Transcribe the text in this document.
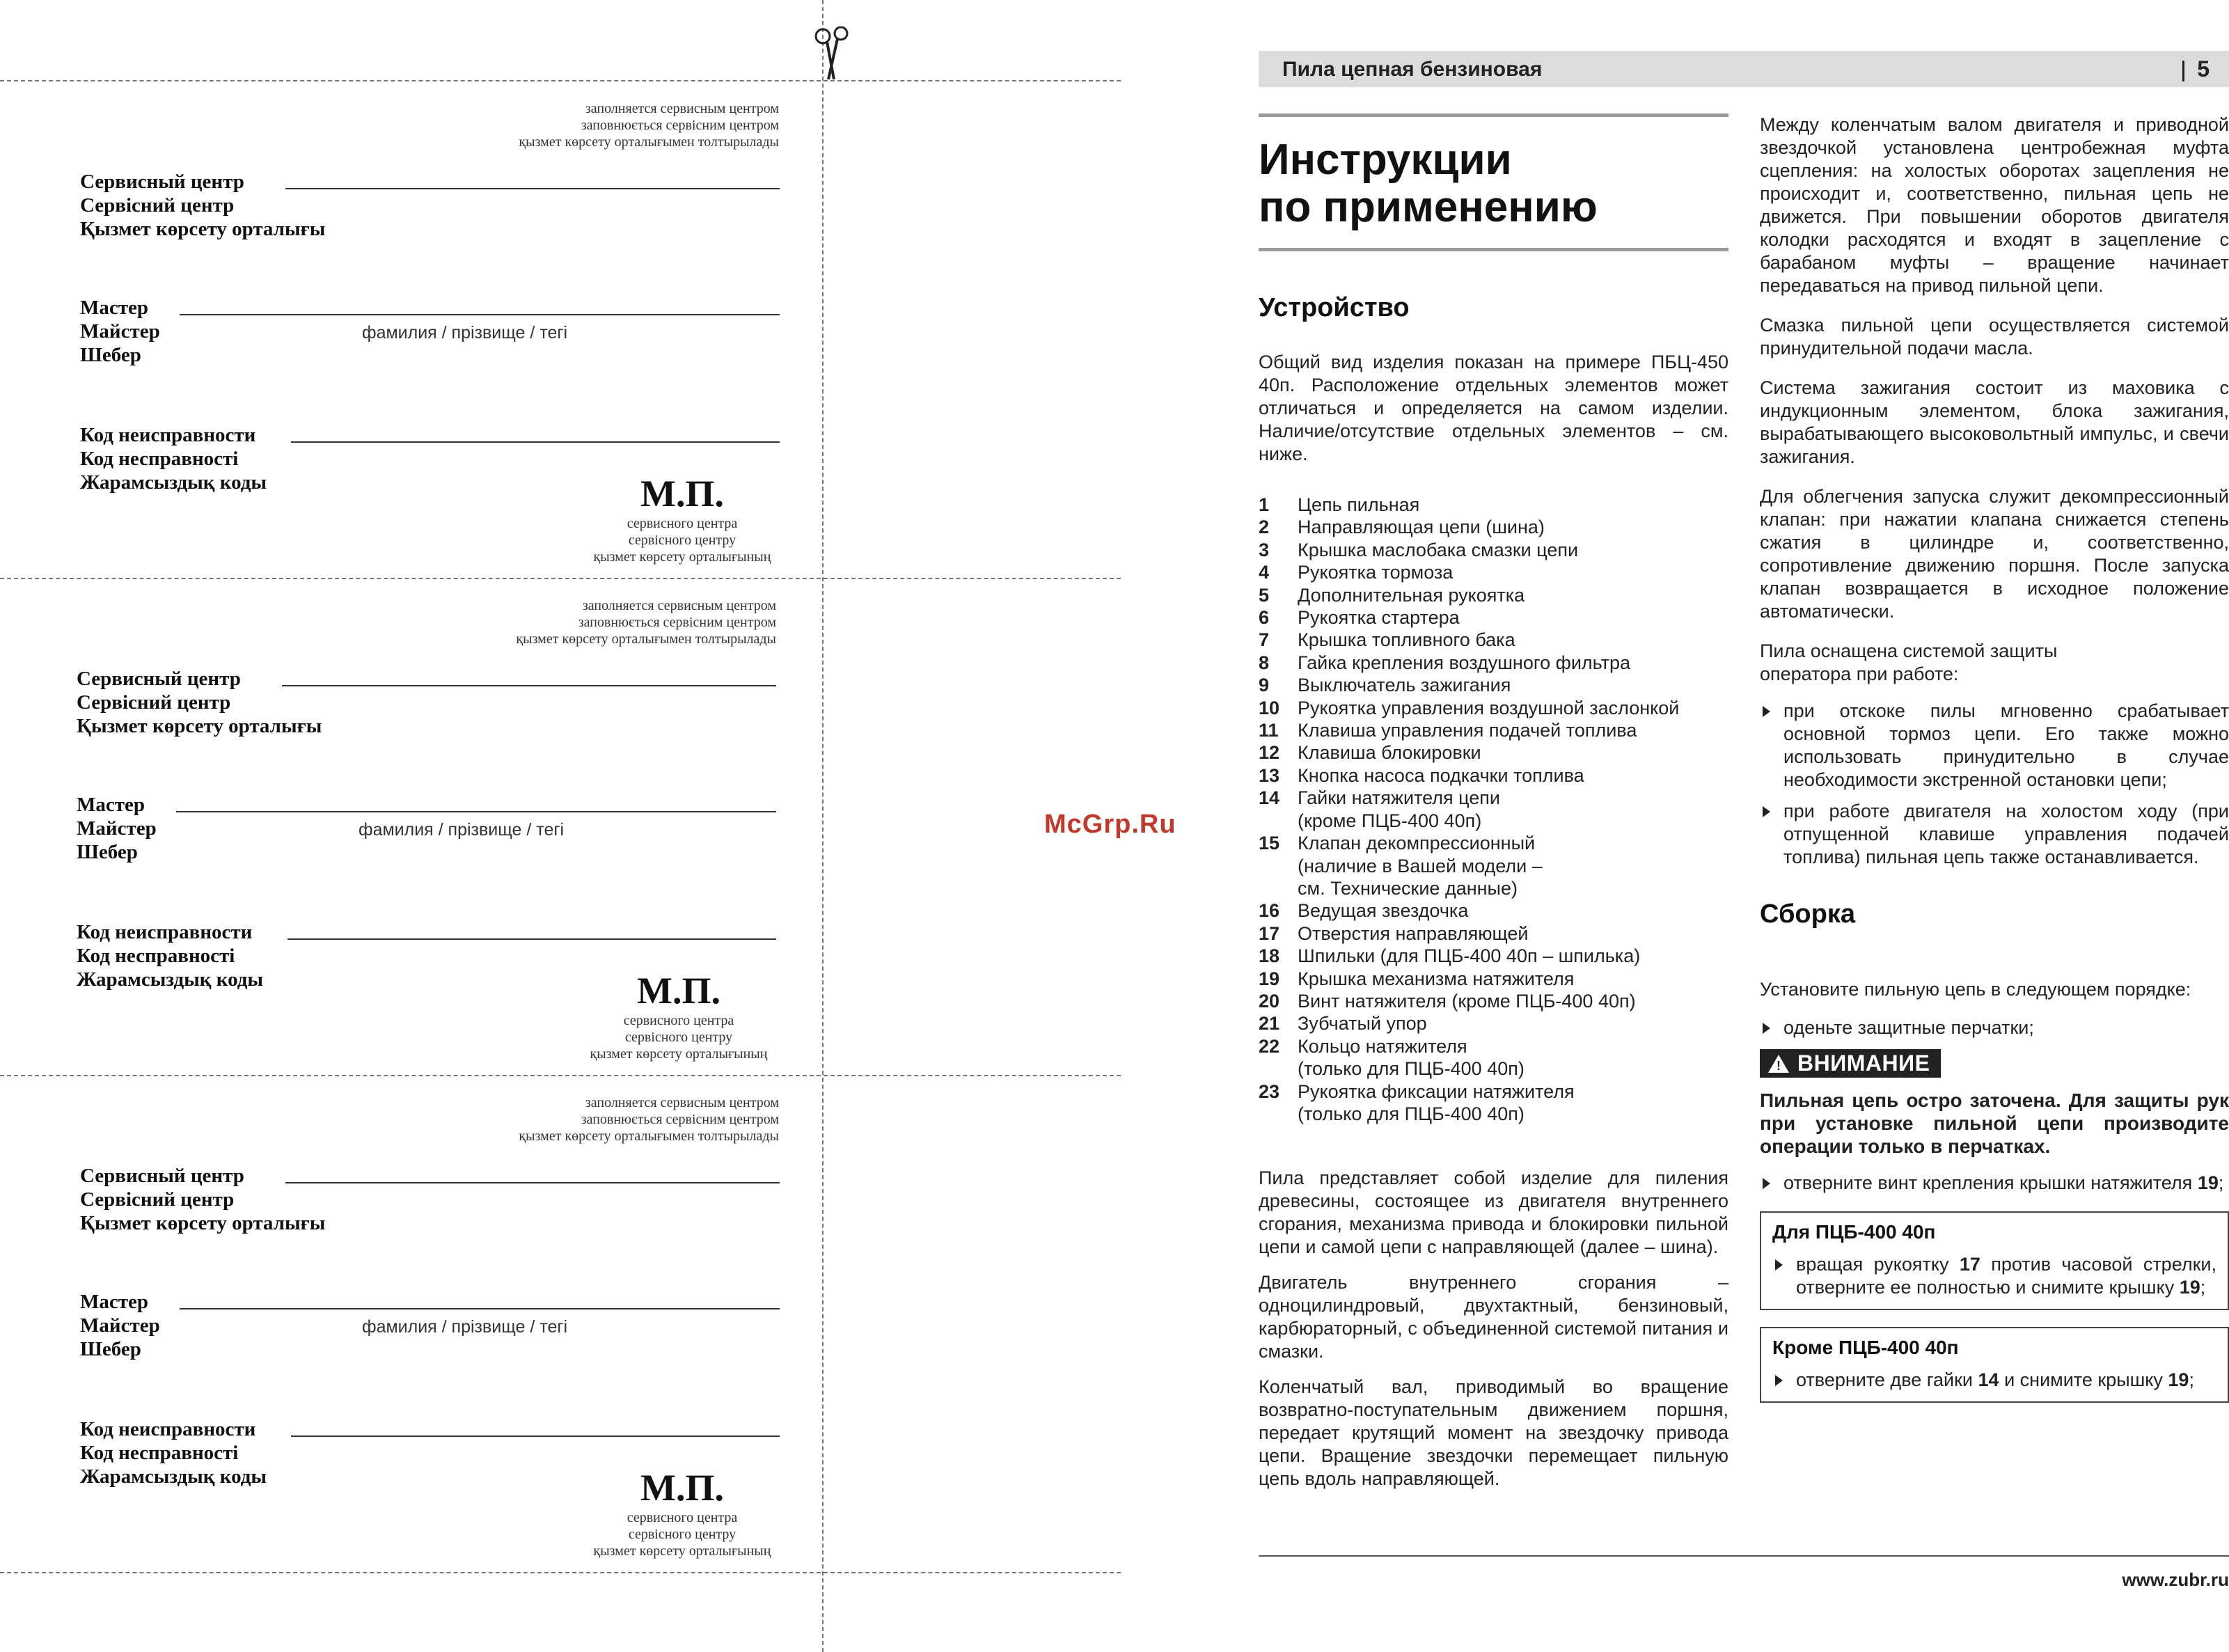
заполняется сервисным центром
заповнюється сервісним центром
қызмет көрсету орталығымен толтырылады
Сервисный центр
Сервісний центр
Қызмет көрсету орталығы
Мастер
Майстер
Шебер
фамилия / прізвище / тегі
Код неисправности
Код несправності
Жарамсыздық коды	М.П.
сервисного центра
сервісного центру
қызмет көрсету орталығының
заполняется сервисным центром
заповнюється сервісним центром
қызмет көрсету орталығымен толтырылады
Сервисный центр
Сервісний центр
Қызмет көрсету орталығы
Мастер
Майстер
Шебер
фамилия / прізвище / тегі
Код неисправности
Код несправності
Жарамсыздық коды	М.П.
сервисного центра
сервісного центру
қызмет көрсету орталығының
заполняется сервисным центром
заповнюється сервісним центром
қызмет көрсету орталығымен толтырылады
Сервисный центр
Сервісний центр
Қызмет көрсету орталығы
Мастер
Майстер
Шебер
фамилия / прізвище / тегі
Код неисправности
Код несправності
Жарамсыздық коды	М.П.
сервисного центра
сервісного центру
қызмет көрсету орталығының
McGrp.Ru
Пила цепная бензиновая	5
Инструкции
по применению
Устройство

Общий вид изделия показан на примере ПБЦ-450 40п. Расположение отдельных элементов может отличаться и определяется на самом изделии. Наличие/отсутствие отдельных элементов – см. ниже.

1	Цепь пильная
2	Направляющая цепи (шина)
3	Крышка маслобака смазки цепи
4	Рукоятка тормоза
5	Дополнительная рукоятка
6	Рукоятка стартера
7	Крышка топливного бака
8	Гайка крепления воздушного фильтра
9	Выключатель зажигания
10 Рукоятка управления воздушной заслонкой
11	Клавиша управления подачей топлива
12 Клавиша блокировки
13 Кнопка насоса подкачки топлива
14 Гайки натяжителя цепи
(кроме ПЦБ-400 40п)
15 Клапан декомпрессионный
(наличие в Вашей модели –
см. Технические данные)
16 Ведущая звездочка
17 Отверстия направляющей
18 Шпильки (для ПЦБ-400 40п – шпилька)
19 Крышка механизма натяжителя
20 Винт натяжителя (кроме ПЦБ-400 40п)
21 Зубчатый упор
22 Кольцо натяжителя
(только для ПЦБ-400 40п)
23 Рукоятка фиксации натяжителя
(только для ПЦБ-400 40п)

Пила представляет собой изделие для пиления древесины, состоящее из двигателя внутреннего сгорания, механизма привода и блокировки пильной цепи и самой цепи с направляющей (далее – шина).

Двигатель внутреннего сгорания – одноцилиндровый, двухтактный, бензиновый, карбюраторный, с объединенной системой питания и смазки.

Коленчатый вал, приводимый во вращение возвратно-поступательным движением поршня, передает крутящий момент на звездочку привода цепи. Вращение звездочки перемещает пильную цепь вдоль направляющей.

Между коленчатым валом двигателя и приводной звездочкой установлена центробежная муфта сцепления: на холостых оборотах зацепления не происходит и, соответственно, пильная цепь не движется. При повышении оборотов двигателя колодки расходятся и входят в зацепление с барабаном муфты – вращение начинает передаваться на привод пильной цепи.

Смазка пильной цепи осуществляется системой принудительной подачи масла.

Система зажигания состоит из маховика с индукционным элементом, блока зажигания, вырабатывающего высоковольтный импульс, и свечи зажигания.

Для облегчения запуска служит декомпрессионный клапан: при нажатии клапана снижается степень сжатия в цилиндре и, соответственно, сопротивление движению поршня. После запуска клапан возвращается в исходное положение автоматически.

Пила оснащена системой защиты
оператора при работе:

при отскоке пилы мгновенно срабатывает основной тормоз цепи. Его также можно использовать принудительно в случае необходимости экстренной остановки цепи;
при работе двигателя на холостом ходу (при отпущенной клавише управления подачей топлива) пильная цепь также останавливается.
Сборка

Установите пильную цепь в следующем порядке:

оденьте защитные перчатки;
! ВНИМАНИЕ

Пильная цепь остро заточена. Для защиты рук при установке пильной цепи производите операции только в перчатках.

отверните винт крепления крышки натяжителя 19;
Для ПЦБ-400 40п
вращая рукоятку 17 против часовой стрелки, отверните ее полностью и снимите крышку 19;
Кроме ПЦБ-400 40п
отверните две гайки 14 и снимите крышку 19;
www.zubr.ru
